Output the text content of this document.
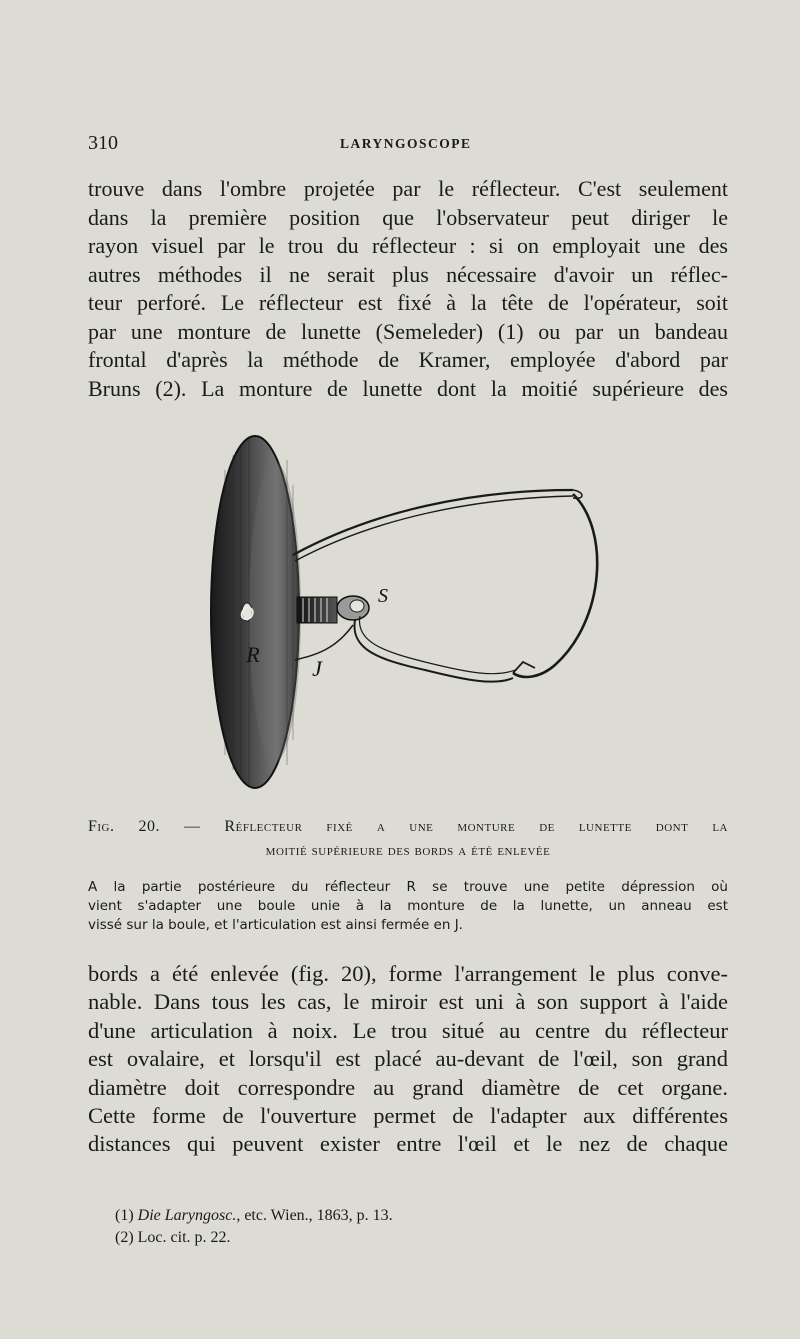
310	LARYNGOSCOPE
trouve dans l'ombre projetée par le réflecteur. C'est seulement
dans la première position que l'observateur peut diriger le
rayon visuel par le trou du réflecteur : si on employait une des
autres méthodes il ne serait plus nécessaire d'avoir un réflec-
teur perforé. Le réflecteur est fixé à la tête de l'opérateur, soit
par une monture de lunette (Semeleder) (1) ou par un bandeau
frontal d'après la méthode de Kramer, employée d'abord par
Bruns (2). La monture de lunette dont la moitié supérieure des
O
R
S
J
Fig. 20. — Réflecteur fixé a une monture de lunette dont la
moitié supérieure des bords a été enlevée
A la partie postérieure du réflecteur R se trouve une petite dépression où
vient s'adapter une boule unie à la monture de la lunette, un anneau est
vissé sur la boule, et l'articulation est ainsi fermée en J.
bords a été enlevée (fig. 20), forme l'arrangement le plus conve-
nable. Dans tous les cas, le miroir est uni à son support à l'aide
d'une articulation à noix. Le trou situé au centre du réflecteur
est ovalaire, et lorsqu'il est placé au-devant de l'œil, son grand
diamètre doit correspondre au grand diamètre de cet organe.
Cette forme de l'ouverture permet de l'adapter aux différentes
distances qui peuvent exister entre l'œil et le nez de chaque
(1) Die Laryngosc., etc. Wien., 1863, p. 13.
(2) Loc. cit. p. 22.
